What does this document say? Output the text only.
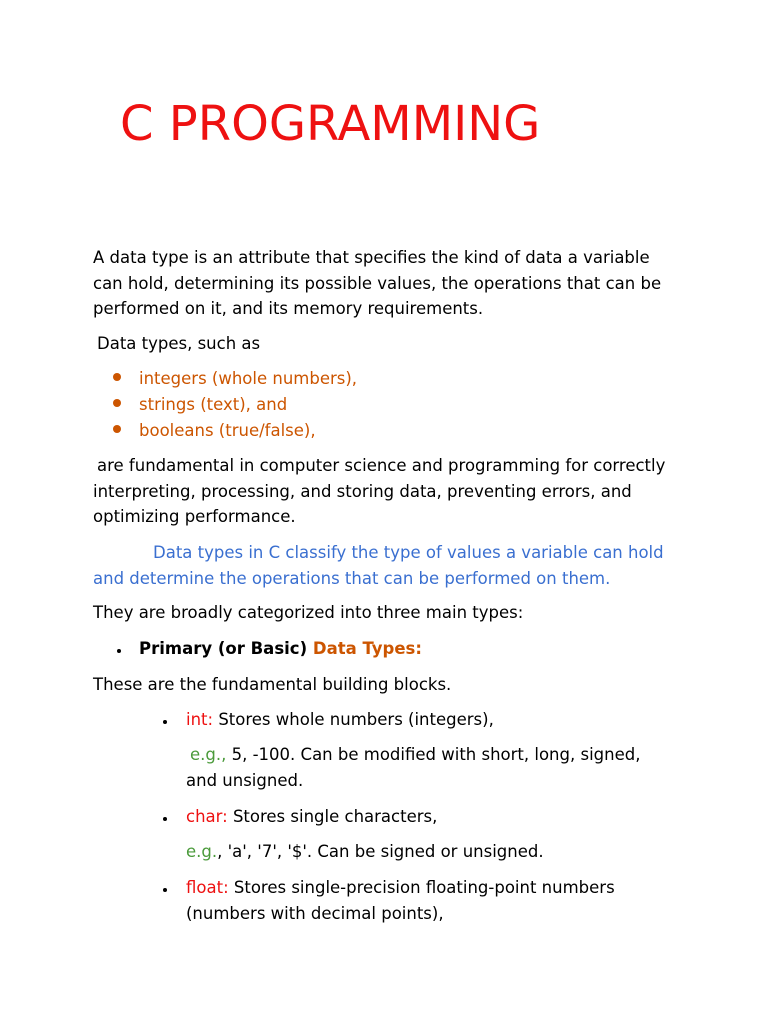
C PROGRAMMING
A data type is an attribute that specifies the kind of data a variable
can hold, determining its possible values, the operations that can be
performed on it, and its memory requirements.
Data types, such as
integers (whole numbers),
strings (text), and
booleans (true/false),
are fundamental in computer science and programming for correctly
interpreting, processing, and storing data, preventing errors, and
optimizing performance.
Data types in C classify the type of values a variable can hold
and determine the operations that can be performed on them.
They are broadly categorized into three main types:
Primary (or Basic) Data Types:
These are the fundamental building blocks.
int: Stores whole numbers (integers),
e.g., 5, -100. Can be modified with short, long, signed,
and unsigned.
char: Stores single characters,
e.g., 'a', '7', '$'. Can be signed or unsigned.
float: Stores single-precision floating-point numbers
(numbers with decimal points),
